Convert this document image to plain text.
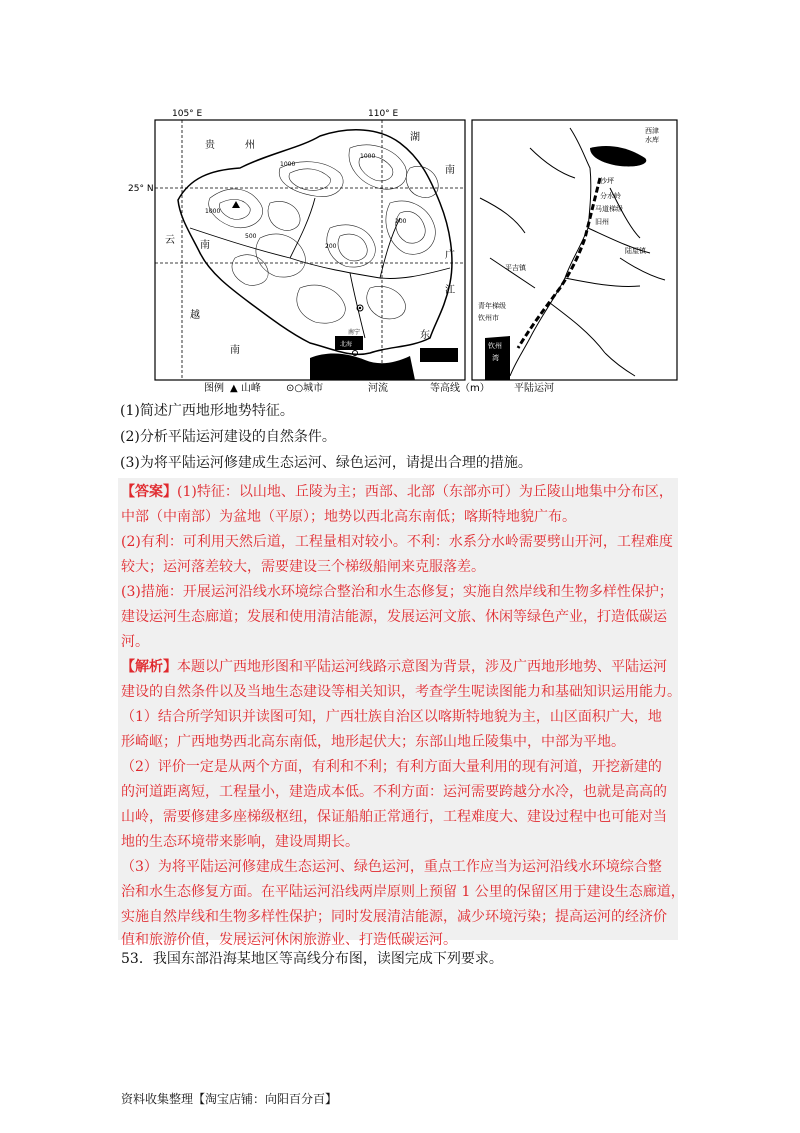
贵	州
湖
南
云	南
越
南
广
江
东
1000
1000
500
200
200
1000
南宁
北海
105° E	110° E
25° N
西津
水库
沙坪
分水岭
马道梯级
旧州
陆屋镇
平吉镇
青年梯级
钦州市
钦州
湾
图例 ▲ 山峰	⊙○城市	河流	等高线（m） 平陆运河
(1)简述广西地形地势特征。
(2)分析平陆运河建设的自然条件。
(3)为将平陆运河修建成生态运河、绿色运河，请提出合理的措施。
【答案】(1)特征：以山地、丘陵为主；西部、北部（东部亦可）为丘陵山地集中分布区，
中部（中南部）为盆地（平原）；地势以西北高东南低；喀斯特地貌广布。
(2)有利：可利用天然后道，工程量相对较小。不利：水系分水岭需要劈山开河，工程难度
较大；运河落差较大，需要建设三个梯级船闸来克服落差。
(3)措施：开展运河沿线水环境综合整治和水生态修复；实施自然岸线和生物多样性保护；
建设运河生态廊道；发展和使用清洁能源，发展运河文旅、休闲等绿色产业，打造低碳运
河。
【解析】本题以广西地形图和平陆运河线路示意图为背景，涉及广西地形地势、平陆运河
建设的自然条件以及当地生态建设等相关知识，考查学生呢读图能力和基础知识运用能力。
（1）结合所学知识并读图可知，广西壮族自治区以喀斯特地貌为主，山区面积广大，地
形崎岖；广西地势西北高东南低，地形起伏大；东部山地丘陵集中，中部为平地。
（2）评价一定是从两个方面，有利和不利；有利方面大量利用的现有河道，开挖新建的
的河道距离短，工程量小，建造成本低。不利方面：运河需要跨越分水冷，也就是高高的
山岭，需要修建多座梯级枢纽，保证船舶正常通行，工程难度大、建设过程中也可能对当
地的生态环境带来影响，建设周期长。
（3）为将平陆运河修建成生态运河、绿色运河，重点工作应当为运河沿线水环境综合整
治和水生态修复方面。在平陆运河沿线两岸原则上预留 1 公里的保留区用于建设生态廊道，
实施自然岸线和生物多样性保护；同时发展清洁能源，减少环境污染；提高运河的经济价
值和旅游价值，发展运河休闲旅游业、打造低碳运河。
53．我国东部沿海某地区等高线分布图，读图完成下列要求。
资料收集整理【淘宝店铺：向阳百分百】
